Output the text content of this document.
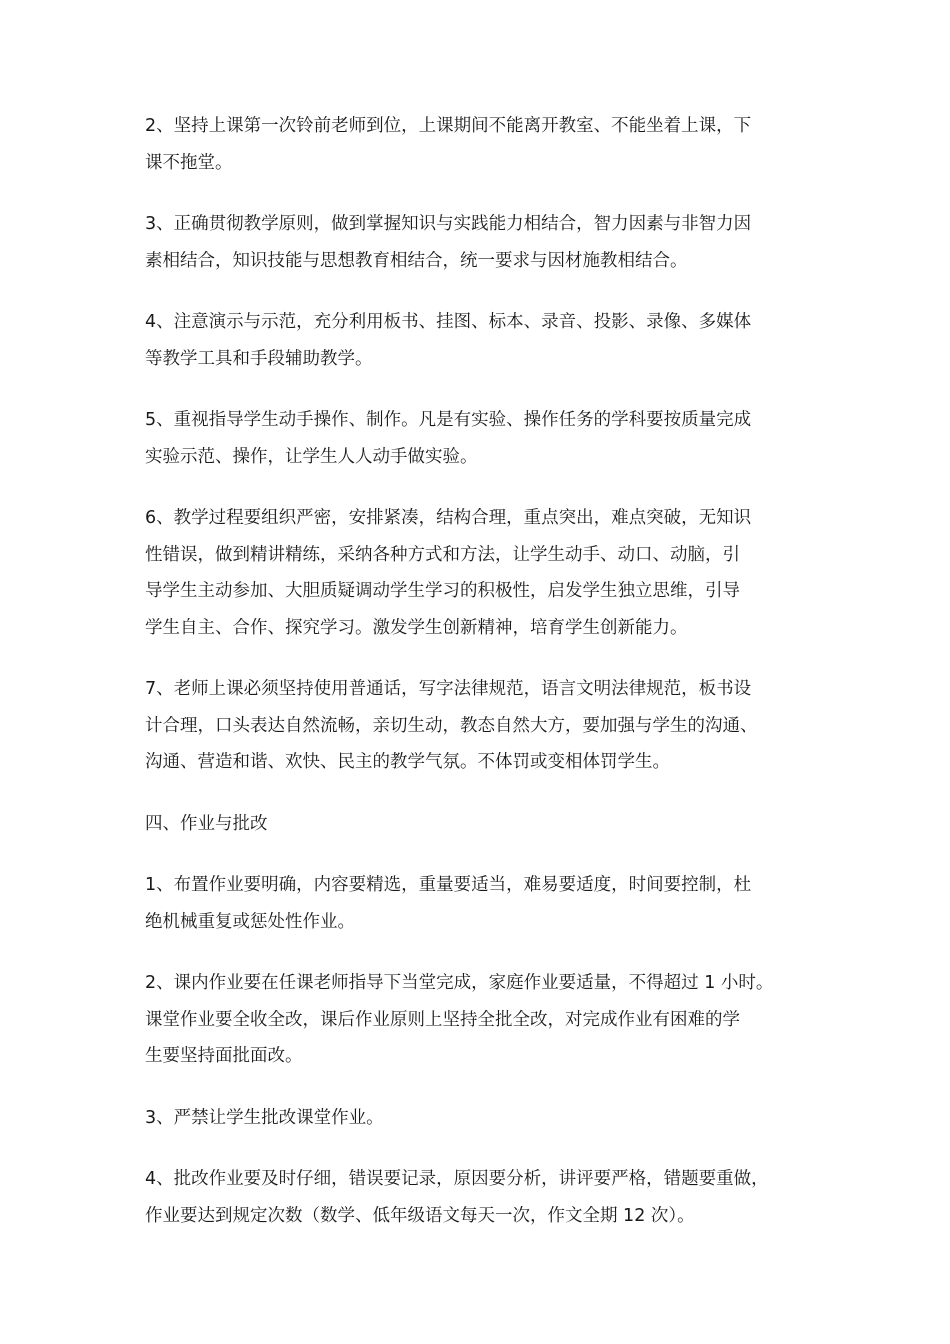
2、坚持上课第一次铃前老师到位，上课期间不能离开教室、不能坐着上课，下
课不拖堂。

3、正确贯彻教学原则，做到掌握知识与实践能力相结合，智力因素与非智力因
素相结合，知识技能与思想教育相结合，统一要求与因材施教相结合。

4、注意演示与示范，充分利用板书、挂图、标本、录音、投影、录像、多媒体
等教学工具和手段辅助教学。

5、重视指导学生动手操作、制作。凡是有实验、操作任务的学科要按质量完成
实验示范、操作，让学生人人动手做实验。

6、教学过程要组织严密，安排紧凑，结构合理，重点突出，难点突破，无知识
性错误，做到精讲精练，采纳各种方式和方法，让学生动手、动口、动脑，引
导学生主动参加、大胆质疑调动学生学习的积极性，启发学生独立思维，引导
学生自主、合作、探究学习。激发学生创新精神，培育学生创新能力。

7、老师上课必须坚持使用普通话，写字法律规范，语言文明法律规范，板书设
计合理，口头表达自然流畅，亲切生动，教态自然大方，要加强与学生的沟通、
沟通、营造和谐、欢快、民主的教学气氛。不体罚或变相体罚学生。

四、作业与批改

1、布置作业要明确，内容要精选，重量要适当，难易要适度，时间要控制，杜
绝机械重复或惩处性作业。

2、课内作业要在任课老师指导下当堂完成，家庭作业要适量，不得超过 1 小时。
课堂作业要全收全改，课后作业原则上坚持全批全改，对完成作业有困难的学
生要坚持面批面改。

3、严禁让学生批改课堂作业。

4、批改作业要及时仔细，错误要记录，原因要分析，讲评要严格，错题要重做，
作业要达到规定次数（数学、低年级语文每天一次，作文全期 12 次）。
